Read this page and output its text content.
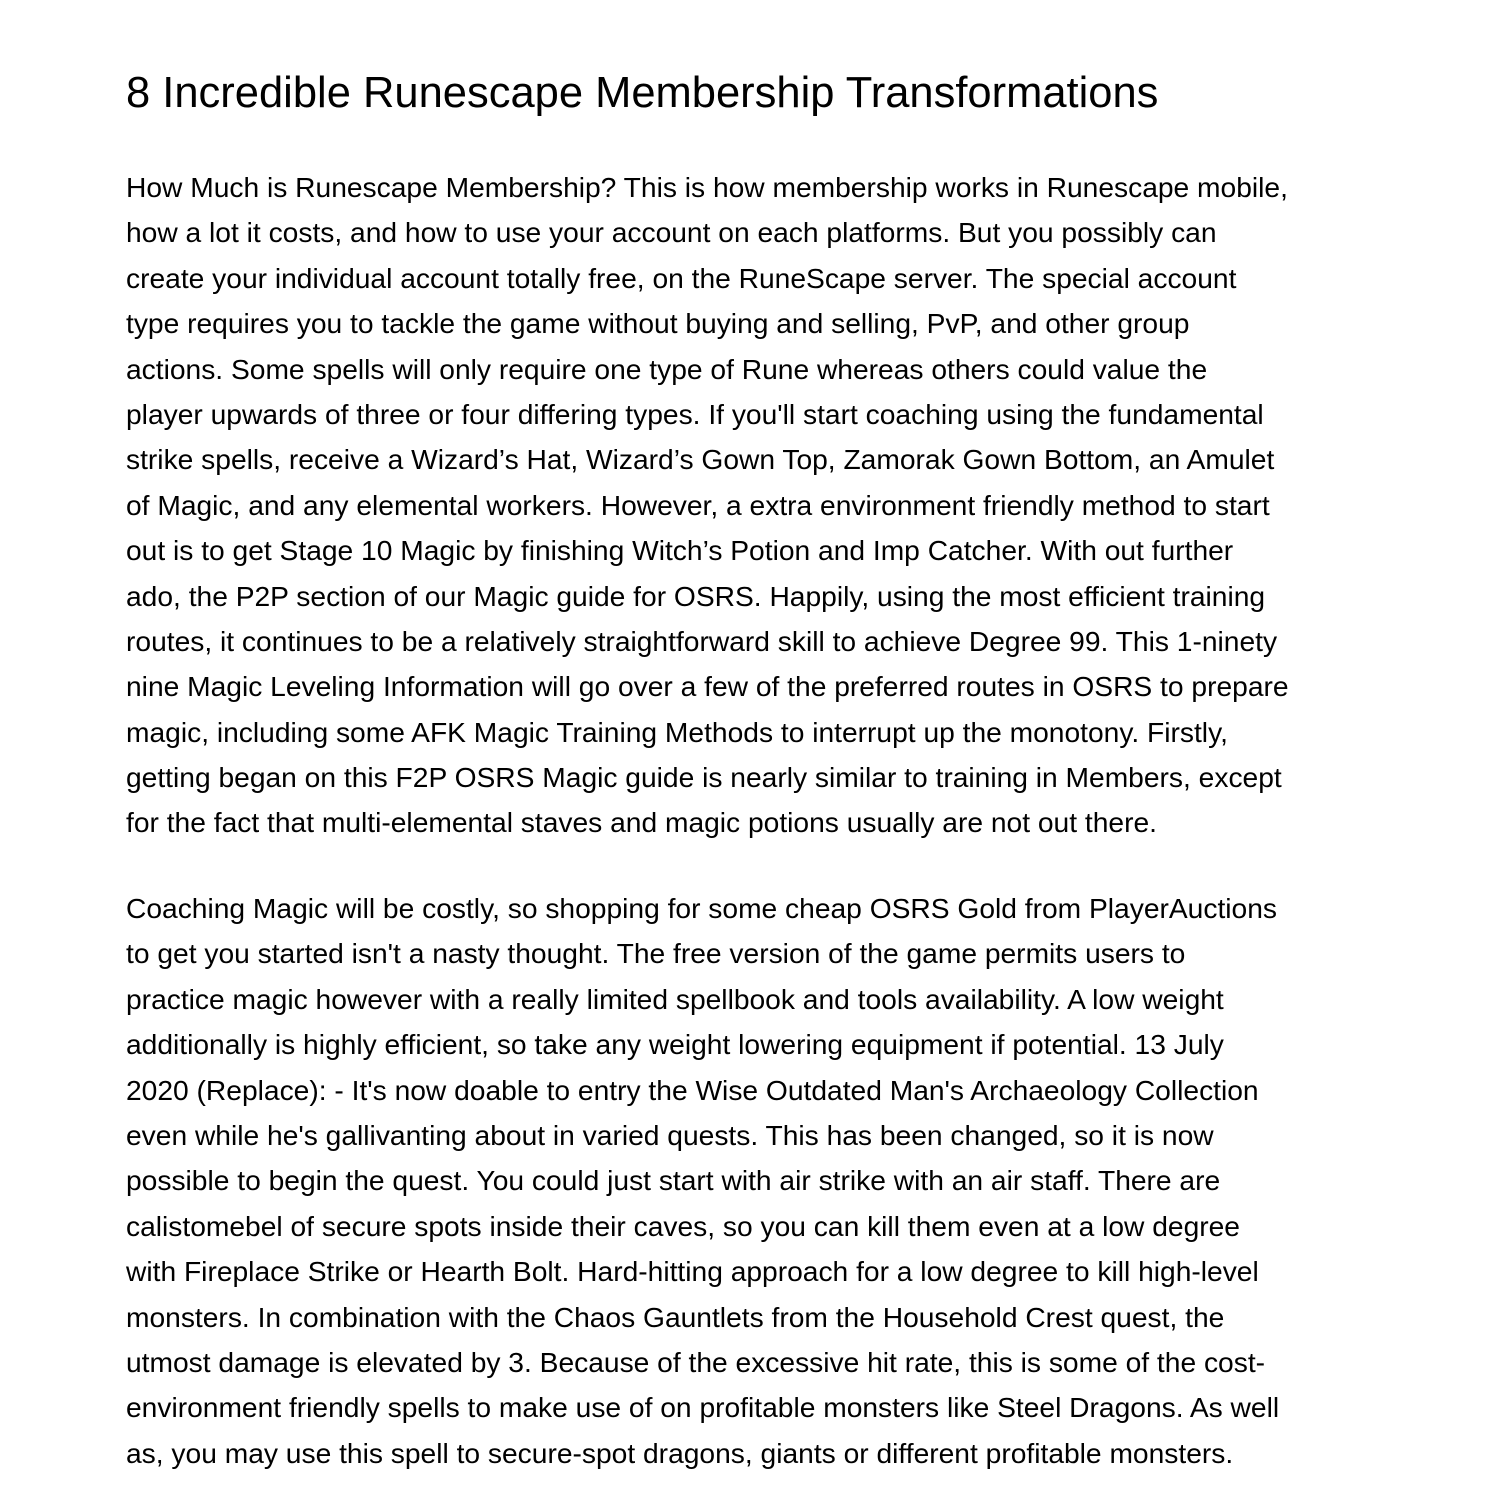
8 Incredible Runescape Membership Transformations
How Much is Runescape Membership? This is how membership works in Runescape mobile,
how a lot it costs, and how to use your account on each platforms. But you possibly can
create your individual account totally free, on the RuneScape server. The special account
type requires you to tackle the game without buying and selling, PvP, and other group
actions. Some spells will only require one type of Rune whereas others could value the
player upwards of three or four differing types. If you'll start coaching using the fundamental
strike spells, receive a Wizard’s Hat, Wizard’s Gown Top, Zamorak Gown Bottom, an Amulet
of Magic, and any elemental workers. However, a extra environment friendly method to start
out is to get Stage 10 Magic by finishing Witch’s Potion and Imp Catcher. With out further
ado, the P2P section of our Magic guide for OSRS. Happily, using the most efficient training
routes, it continues to be a relatively straightforward skill to achieve Degree 99. This 1-ninety
nine Magic Leveling Information will go over a few of the preferred routes in OSRS to prepare
magic, including some AFK Magic Training Methods to interrupt up the monotony. Firstly,
getting began on this F2P OSRS Magic guide is nearly similar to training in Members, except
for the fact that multi-elemental staves and magic potions usually are not out there.
Coaching Magic will be costly, so shopping for some cheap OSRS Gold from PlayerAuctions
to get you started isn't a nasty thought. The free version of the game permits users to
practice magic however with a really limited spellbook and tools availability. A low weight
additionally is highly efficient, so take any weight lowering equipment if potential. 13 July
2020 (Replace): - It's now doable to entry the Wise Outdated Man's Archaeology Collection
even while he's gallivanting about in varied quests. This has been changed, so it is now
possible to begin the quest. You could just start with air strike with an air staff. There are
calistomebel of secure spots inside their caves, so you can kill them even at a low degree
with Fireplace Strike or Hearth Bolt. Hard-hitting approach for a low degree to kill high-level
monsters. In combination with the Chaos Gauntlets from the Household Crest quest, the
utmost damage is elevated by 3. Because of the excessive hit rate, this is some of the cost-
environment friendly spells to make use of on profitable monsters like Steel Dragons. As well
as, you may use this spell to secure-spot dragons, giants or different profitable monsters.
